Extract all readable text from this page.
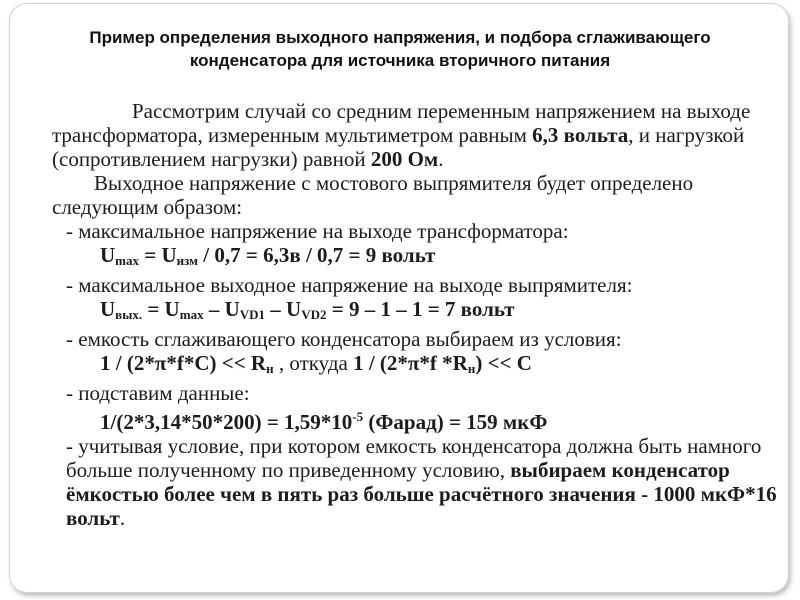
Пример определения выходного напряжения, и подбора сглаживающего
конденсатора для источника вторичного питания

Рассмотрим случай со средним переменным напряжением на выходе трансформатора, измеренным мультиметром равным 6,3 вольта, и нагрузкой (сопротивлением нагрузки) равной 200 Ом.

Выходное напряжение с мостового выпрямителя будет определено следующим образом:

- максимальное напряжение на выходе трансформатора:

$U_{max} = U_{изм} / 0,7 = 6,3в / 0,7 = 9$ вольт

- максимальное выходное напряжение на выходе выпрямителя:

$U_{вых.} = U_{max} - U_{VD1} - U_{VD2} = 9 - 1 - 1 = 7$ вольт

- емкость сглаживающего конденсатора выбираем из условия:

$1 / (2*\pi*f*C) << R_н$ , откуда 1 / (2*π*f $*R_н) << C$

- подставим данные:

$1/(2*3,14*50*200) = 1,59*10^{-5}$ (Фарад) = 159 мкФ

- учитывая условие, при котором емкость конденсатора должна быть намного больше полученному по приведенному условию, выбираем конденсатор ёмкостью более чем в пять раз больше расчётного значения - 1000 мкФ*16 вольт.
